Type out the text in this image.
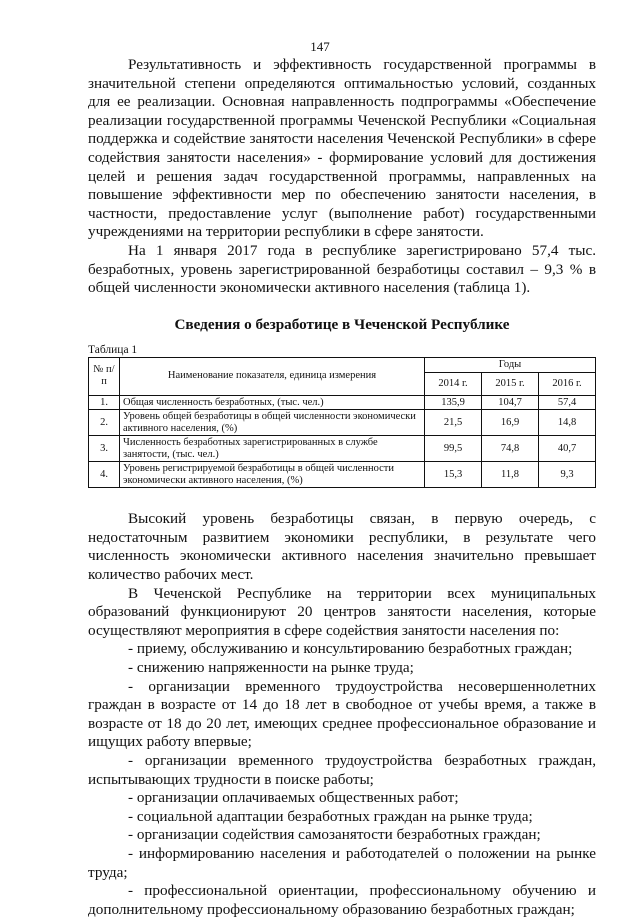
147

Результативность и эффективность государственной программы в значительной степени определяются оптимальностью условий, созданных для ее реализации. Основная направленность подпрограммы «Обеспечение реализации государственной программы Чеченской Республики «Социальная поддержка и содействие занятости населения Чеченской Республики» в сфере содействия занятости населения» - формирование условий для достижения целей и решения задач государственной программы, направленных на повышение эффективности мер по обеспечению занятости населения, в частности, предоставление услуг (выполнение работ) государственными учреждениями на территории республики в сфере занятости.

На 1 января 2017 года в республике зарегистрировано 57,4 тыс. безработных, уровень зарегистрированной безработицы составил – 9,3 % в общей численности экономически активного населения (таблица 1).

Сведения о безработице в Чеченской Республике
Таблица 1
№ п/п	Наименование показателя, единица измерения	Годы		
		2014 г.	2015 г.	2016 г.
1.	Общая численность безработных, (тыс. чел.)	135,9	104,7	57,4
2.	Уровень общей безработицы в общей численности экономически активного населения, (%)	21,5	16,9	14,8
3.	Численность безработных зарегистрированных в службе занятости, (тыс. чел.)	99,5	74,8	40,7
4.	Уровень регистрируемой безработицы в общей численности экономически активного населения, (%)	15,3	11,8	9,3

Высокий уровень безработицы связан, в первую очередь, с недостаточным развитием экономики республики, в результате чего численность экономически активного населения значительно превышает количество рабочих мест.

В Чеченской Республике на территории всех муниципальных образований функционируют 20 центров занятости населения, которые осуществляют мероприятия в сфере содействия занятости населения по:

- приему, обслуживанию и консультированию безработных граждан;

- снижению напряженности на рынке труда;

- организации временного трудоустройства несовершеннолетних граждан в возрасте от 14 до 18 лет в свободное от учебы время, а также в возрасте от 18 до 20 лет, имеющих среднее профессиональное образование и ищущих работу впервые;

- организации временного трудоустройства безработных граждан, испытывающих трудности в поиске работы;

- организации оплачиваемых общественных работ;

- социальной адаптации безработных граждан на рынке труда;

- организации содействия самозанятости безработных граждан;

- информированию населения и работодателей о положении на рынке труда;

- профессиональной ориентации, профессиональному обучению и дополнительному профессиональному образованию безработных граждан;
